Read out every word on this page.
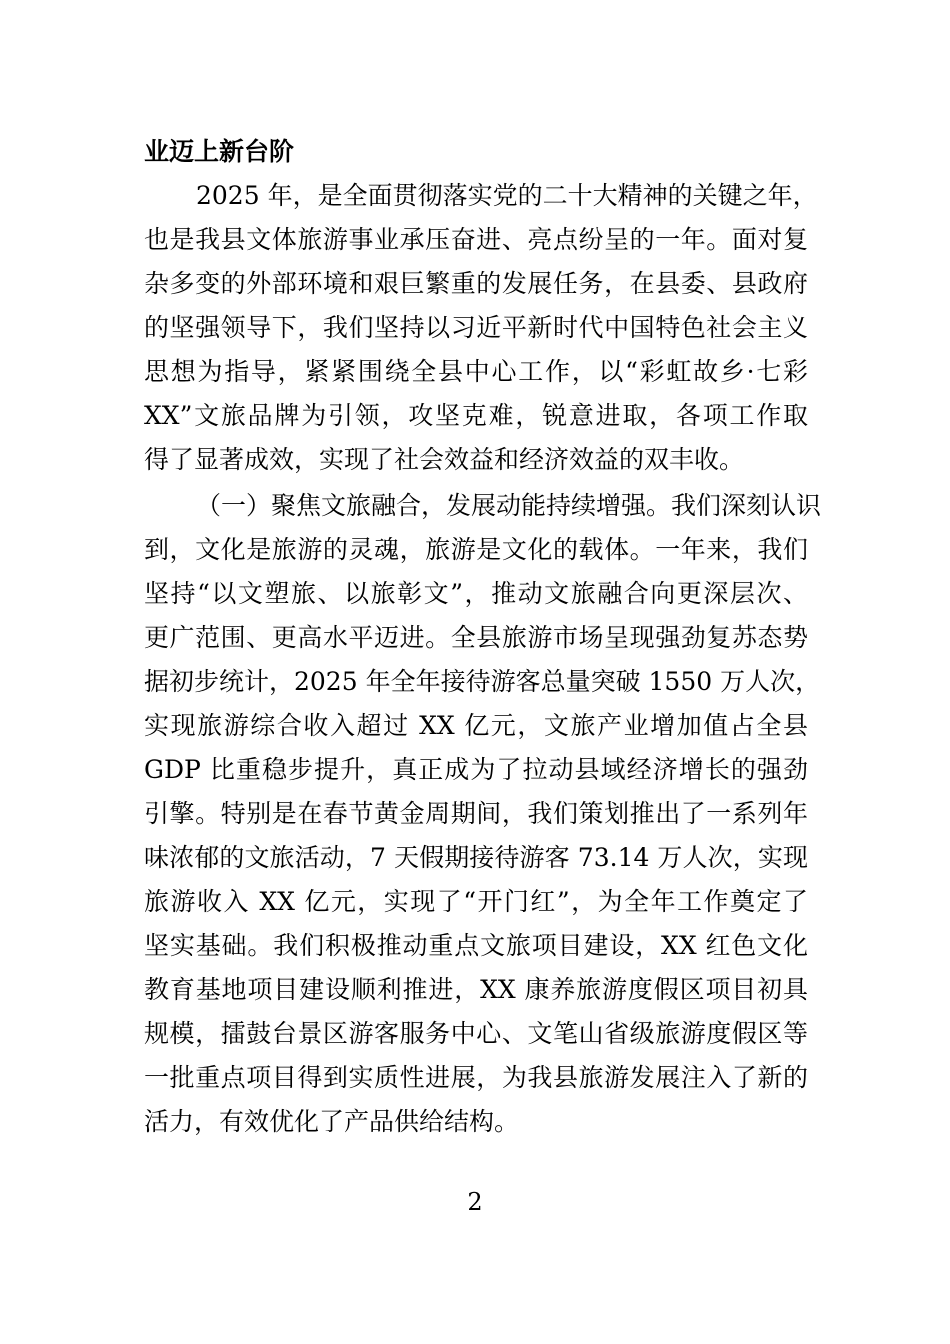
业迈上新台阶
2025 年，是全面贯彻落实党的二十大精神的关键之年，
也是我县文体旅游事业承压奋进、亮点纷呈的一年。面对复
杂多变的外部环境和艰巨繁重的发展任务，在县委、县政府
的坚强领导下，我们坚持以习近平新时代中国特色社会主义
思想为指导，紧紧围绕全县中心工作，以“彩虹故乡·七彩
XX”文旅品牌为引领，攻坚克难，锐意进取，各项工作取
得了显著成效，实现了社会效益和经济效益的双丰收。
（一）聚焦文旅融合，发展动能持续增强。我们深刻认识
到，文化是旅游的灵魂，旅游是文化的载体。一年来，我们
坚持“以文塑旅、以旅彰文”，推动文旅融合向更深层次、
更广范围、更高水平迈进。全县旅游市场呈现强劲复苏态势
据初步统计，2025 年全年接待游客总量突破 1550 万人次，
实现旅游综合收入超过 XX 亿元，文旅产业增加值占全县
GDP 比重稳步提升，真正成为了拉动县域经济增长的强劲
引擎。特别是在春节黄金周期间，我们策划推出了一系列年
味浓郁的文旅活动，7 天假期接待游客 73.14 万人次，实现
旅游收入 XX 亿元，实现了“开门红”，为全年工作奠定了
坚实基础。我们积极推动重点文旅项目建设，XX 红色文化
教育基地项目建设顺利推进，XX 康养旅游度假区项目初具
规模，擂鼓台景区游客服务中心、文笔山省级旅游度假区等
一批重点项目得到实质性进展，为我县旅游发展注入了新的
活力，有效优化了产品供给结构。
2
